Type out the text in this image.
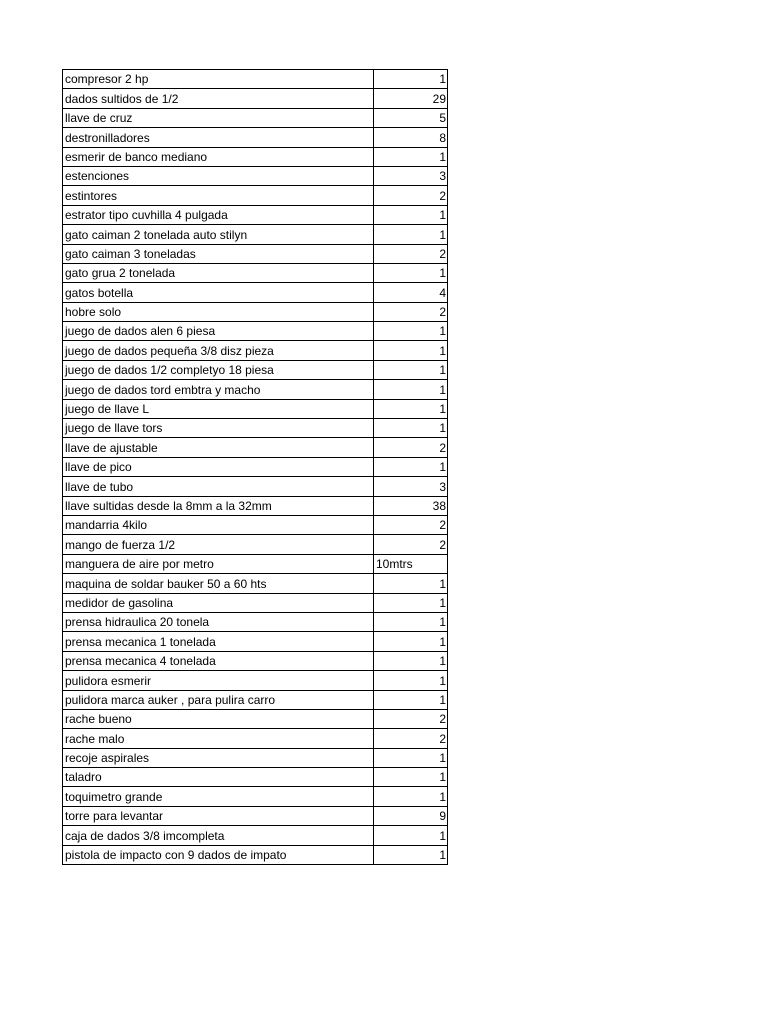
compresor 2 hp	1
dados sultidos de 1/2	29
llave de cruz	5
destronilladores	8
esmerir de banco mediano	1
estenciones	3
estintores	2
estrator tipo cuvhilla 4 pulgada	1
gato caiman 2 tonelada auto stilyn	1
gato caiman 3 toneladas	2
gato grua 2 tonelada	1
gatos botella	4
hobre solo	2
juego de dados alen 6 piesa	1
juego de dados pequeña 3/8 disz pieza	1
juego de dados 1/2 completyo 18 piesa	1
juego de dados tord embtra y macho	1
juego de llave L	1
juego de llave tors	1
llave de ajustable	2
llave de pico	1
llave de tubo	3
llave sultidas desde la 8mm a la 32mm	38
mandarria 4kilo	2
mango de fuerza 1/2	2
manguera de aire por metro	10mtrs
maquina de soldar bauker 50 a 60 hts	1
medidor de gasolina	1
prensa hidraulica 20 tonela	1
prensa mecanica 1 tonelada	1
prensa mecanica 4 tonelada	1
pulidora esmerir	1
pulidora marca auker , para pulira carro	1
rache bueno	2
rache malo	2
recoje aspirales	1
taladro	1
toquimetro grande	1
torre para levantar	9
caja de dados 3/8 imcompleta	1
pistola de impacto con 9 dados de impato	1
